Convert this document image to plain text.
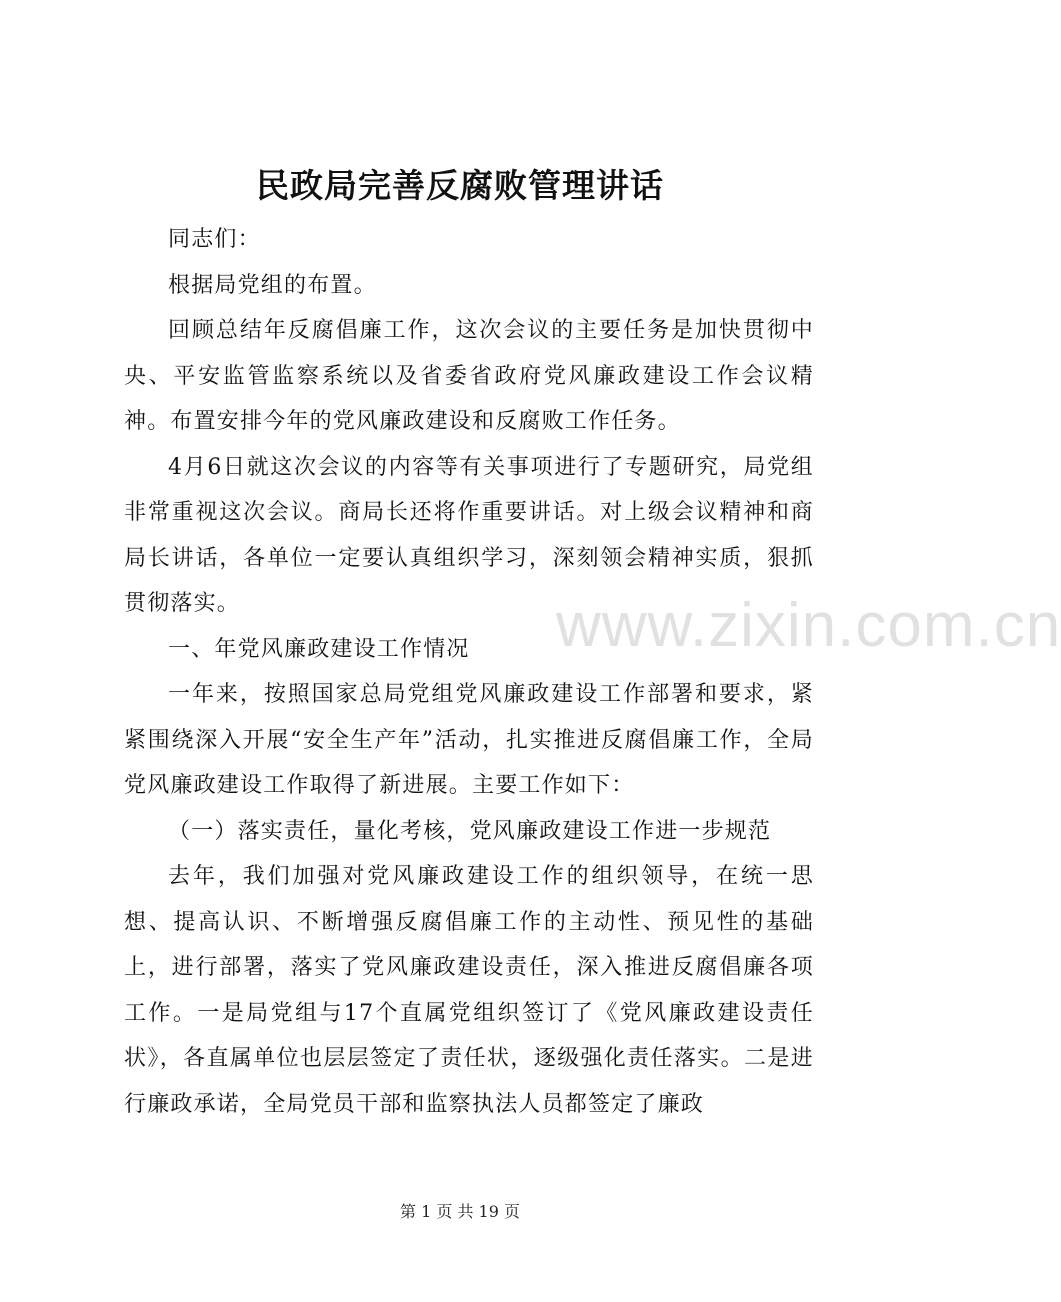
民政局完善反腐败管理讲话

同志们：

根据局党组的布置。

回顾总结年反腐倡廉工作，这次会议的主要任务是加快贯彻中央、平安监管监察系统以及省委省政府党风廉政建设工作会议精神。布置安排今年的党风廉政建设和反腐败工作任务。

4月6日就这次会议的内容等有关事项进行了专题研究，局党组非常重视这次会议。商局长还将作重要讲话。对上级会议精神和商局长讲话，各单位一定要认真组织学习，深刻领会精神实质，狠抓贯彻落实。

一、年党风廉政建设工作情况

一年来，按照国家总局党组党风廉政建设工作部署和要求，紧紧围绕深入开展“安全生产年”活动，扎实推进反腐倡廉工作，全局党风廉政建设工作取得了新进展。主要工作如下：

（一）落实责任，量化考核，党风廉政建设工作进一步规范

去年，我们加强对党风廉政建设工作的组织领导，在统一思想、提高认识、不断增强反腐倡廉工作的主动性、预见性的基础上，进行部署，落实了党风廉政建设责任，深入推进反腐倡廉各项工作。一是局党组与17个直属党组织签订了《党风廉政建设责任状》，各直属单位也层层签定了责任状，逐级强化责任落实。二是进行廉政承诺，全局党员干部和监察执法人员都签定了廉政

www.zixin.com.cn
第 1 页 共 19 页
